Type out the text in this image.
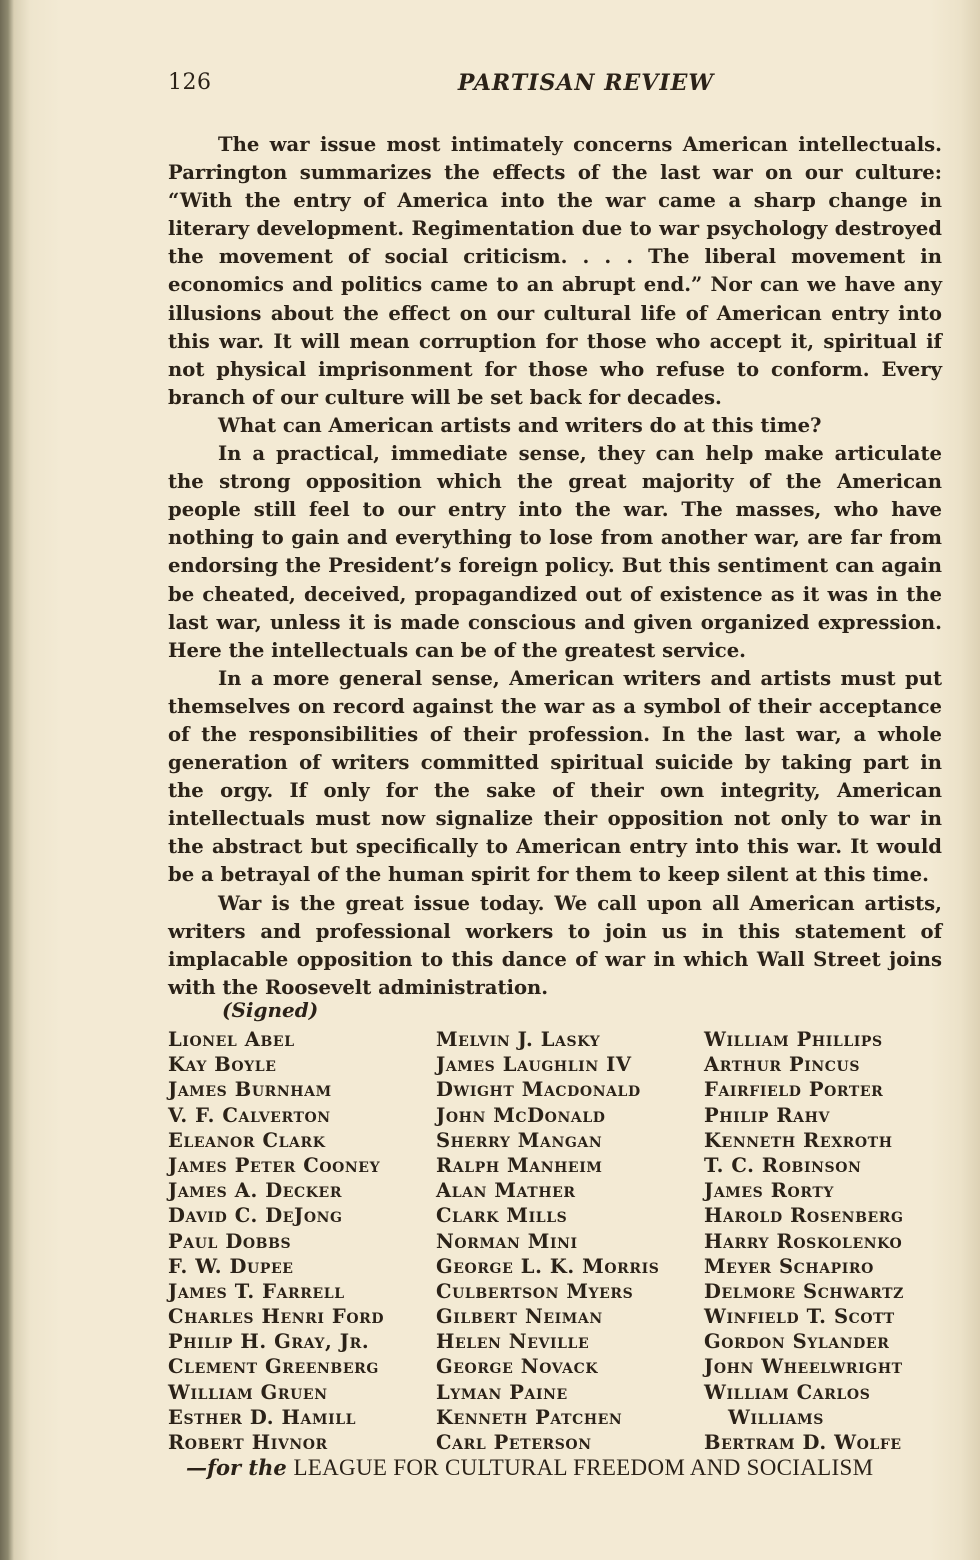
126	PARTISAN REVIEW

The war issue most intimately concerns American intellectuals. Parrington summarizes the effects of the last war on our culture: “With the entry of America into the war came a sharp change in literary development. Regimentation due to war psychology destroyed the movement of social criticism. . . . The liberal movement in economics and politics came to an abrupt end.” Nor can we have any illusions about the effect on our cultural life of American entry into this war. It will mean corruption for those who accept it, spiritual if not physical imprisonment for those who refuse to conform. Every branch of our culture will be set back for decades.

What can American artists and writers do at this time?

In a practical, immediate sense, they can help make articulate the strong opposition which the great majority of the American people still feel to our entry into the war. The masses, who have nothing to gain and everything to lose from another war, are far from endorsing the President’s foreign policy. But this sentiment can again be cheated, deceived, propagandized out of existence as it was in the last war, unless it is made conscious and given organized expression. Here the intellectuals can be of the greatest service.

In a more general sense, American writers and artists must put themselves on record against the war as a symbol of their acceptance of the responsibilities of their profession. In the last war, a whole generation of writers committed spiritual suicide by taking part in the orgy. If only for the sake of their own integrity, American intellectuals must now signalize their opposition not only to war in the abstract but specifically to American entry into this war. It would be a betrayal of the human spirit for them to keep silent at this time.

War is the great issue today. We call upon all American artists, writers and professional workers to join us in this statement of implacable opposition to this dance of war in which Wall Street joins with the Roosevelt administration.

(Signed)
Lionel Abel
Kay Boyle
James Burnham
V. F. Calverton
Eleanor Clark
James Peter Cooney
James A. Decker
David C. DeJong
Paul Dobbs
F. W. Dupee
James T. Farrell
Charles Henri Ford
Philip H. Gray, Jr.
Clement Greenberg
William Gruen
Esther D. Hamill
Robert Hivnor
Melvin J. Lasky
James Laughlin IV
Dwight Macdonald
John McDonald
Sherry Mangan
Ralph Manheim
Alan Mather
Clark Mills
Norman Mini
George L. K. Morris
Culbertson Myers
Gilbert Neiman
Helen Neville
George Novack
Lyman Paine
Kenneth Patchen
Carl Peterson
William Phillips
Arthur Pincus
Fairfield Porter
Philip Rahv
Kenneth Rexroth
T. C. Robinson
James Rorty
Harold Rosenberg
Harry Roskolenko
Meyer Schapiro
Delmore Schwartz
Winfield T. Scott
Gordon Sylander
John Wheelwright
William Carlos
Williams
Bertram D. Wolfe
—for the LEAGUE FOR CULTURAL FREEDOM AND SOCIALISM
